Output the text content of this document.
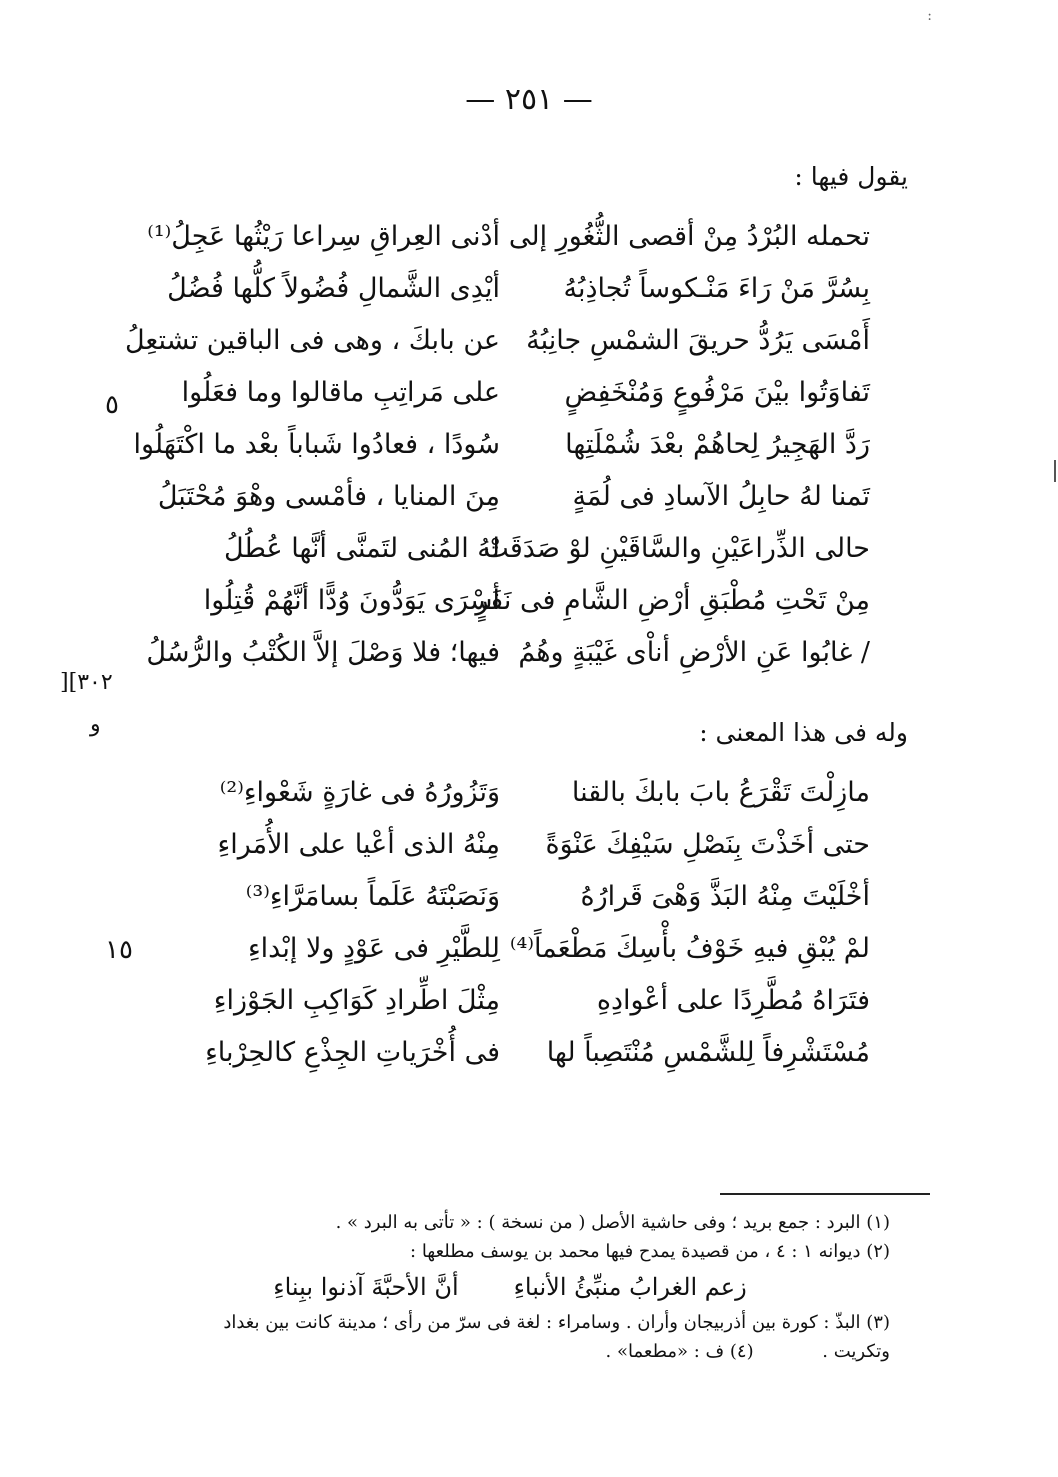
:
— ٢٥١ —
يقول فيها :
تحمله البُرْدُ مِنْ أقصى الثُّغُورِ إلى
أدْنى العِراقِ سِراعا رَيْثُها عَجِلُ⁽¹⁾
بِسُرَّ مَنْ رَاءَ مَنْـكوساً تُجاذِبُهُ
أيْدِى الشَّمالِ فُضُولاً كلُّها فُضُلُ
أَمْسَى يَرُدُّ حريقَ الشمْسِ جانِبُهُ
عن بابكَ ، وهى فى الباقين تشتعِلُ
تَفاوَتُوا بيْنَ مَرْفُوعٍ وَمُنْخَفِضٍ
على مَراتِبِ ماقالوا وما فعَلُوا
رَدَّ الهَجِيرُ لِحاهُمْ بعْدَ شُمْلَتِها
سُودًا ، فعادُوا شَباباً بعْد ما اكْتَهَلُوا
تَمنا لهُ حابِلُ الآسادِ فى لُمَةٍ
مِنَ المنايا ، فأمْسى وهْوَ مُحْتَبَلُ
حالى الذِّراعَيْنِ والسَّاقَيْنِ لوْ صَدَقَتْ
لهُ المُنى لتَمنَّى أنَّها عُطُلُ
مِنْ تَحْتِ مُطْبَقِ أرْضِ الشَّامِ فى نَفَرٍ
أسْرَى يَوَدُّونَ وُدًّا أنَّهُمْ قُتِلُوا
/ غابُوا عَنِ الأرْضِ أناْى غَيْبَةٍ وهُمُ
فيها؛ فلا وَصْلَ إلاَّ الكُتْبُ والرُّسُلُ
٥
][٣٠٢
و	وله فى هذا المعنى :
مازِلْتَ تَقْرَعُ بابَ بابكَ بالقنا
وَتَزُورُهُ فى غارَةٍ شَعْواءِ⁽²⁾
حتى أخَذْتَ بِنَصْلِ سَيْفِكَ عَنْوَةً
مِنْهُ الذى أعْيا على الأُمَراءِ
أخْلَيْتَ مِنْهُ البَذَّ وَهْىَ قَرارُهُ
وَنَصَبْتَهُ عَلَماً بسامَرَّاءِ⁽³⁾
لمْ يُبْقِ فيهِ خَوْفُ بأْسِكَ مَطْعَماً⁽⁴⁾
لِلطَّيْرِ فى عَوْدٍ ولا إبْداءِ
فتَرَاهُ مُطَّرِدًا على أعْوادِهِ
مِثْلَ اطِّرادِ كَوَاكِبِ الجَوْزاءِ
مُسْتَشْرِفاً لِلشَّمْسِ مُنْتَصِباً لها
فى أُخْرَياتِ الجِذْعِ كالحِرْباءِ
١٥
(١) البرد : جمع بريد ؛ وفى حاشية الأصل ( من نسخة ) : « تأتى به البرد » .
(٢) ديوانه ١ : ٤ ، من قصيدة يمدح فيها محمد بن يوسف مطلعها :
زعم الغرابُ منبِّئُ الأنباءِ
أنَّ الأحبَّةَ آذنوا ببِناءِ
(٣) البذّ : كورة بين أذربيجان وأران . وسامراء : لغة فى سرّ من رأى ؛ مدينة كانت بين بغداد
وتكريت .            (٤) ف : «مطعما» .
